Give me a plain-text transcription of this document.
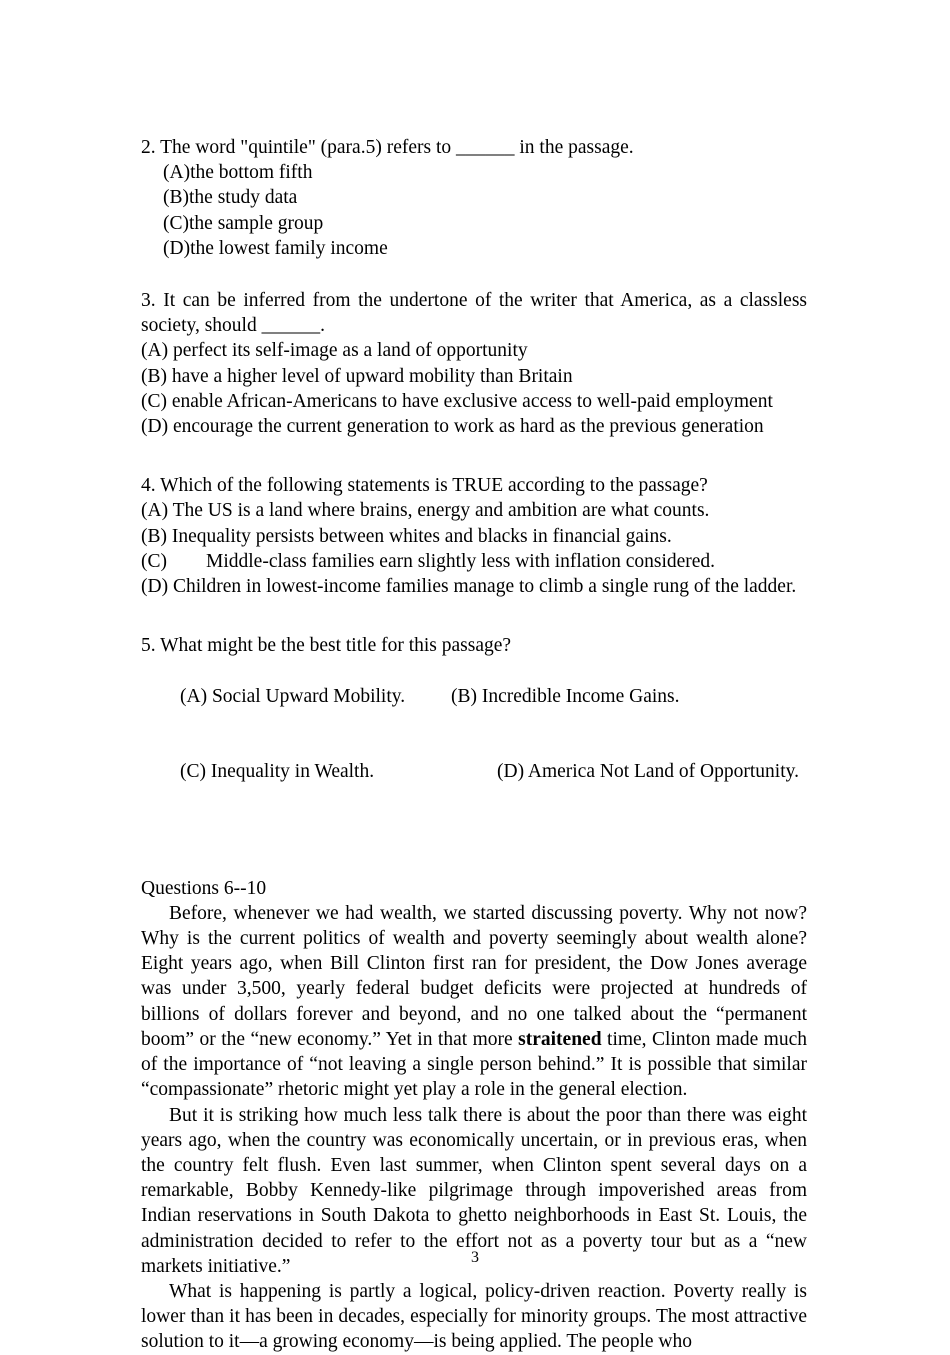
2. The word "quintile" (para.5) refers to ______ in the passage.
(A)the bottom fifth
(B)the study data
(C)the sample group
(D)the lowest family income
3. It can be inferred from the undertone of the writer that America, as a classless society, should ______.
(A) perfect its self-image as a land of opportunity
(B) have a higher level of upward mobility than Britain
(C) enable African-Americans to have exclusive access to well-paid employment
(D) encourage the current generation to work as hard as the previous generation
4. Which of the following statements is TRUE according to the passage?
(A) The US is a land where brains, energy and ambition are what counts.
(B) Inequality persists between whites and blacks in financial gains.
(C)        Middle-class families earn slightly less with inflation considered.
(D) Children in lowest-income families manage to climb a single rung of the ladder.
5. What might be the best title for this passage?

(A) Social Upward Mobility. (B) Incredible Income Gains.

(C) Inequality in Wealth.	(D) America Not Land of Opportunity.

Questions 6--10

Before, whenever we had wealth, we started discussing poverty. Why not now? Why is the current politics of wealth and poverty seemingly about wealth alone? Eight years ago, when Bill Clinton first ran for president, the Dow Jones average was under 3,500, yearly federal budget deficits were projected at hundreds of billions of dollars forever and beyond, and no one talked about the “permanent boom” or the “new economy.” Yet in that more straitened time, Clinton made much of the importance of “not leaving a single person behind.” It is possible that similar “compassionate” rhetoric might yet play a role in the general election.

But it is striking how much less talk there is about the poor than there was eight years ago, when the country was economically uncertain, or in previous eras, when the country felt flush. Even last summer, when Clinton spent several days on a remarkable, Bobby Kennedy-like pilgrimage through impoverished areas from Indian reservations in South Dakota to ghetto neighborhoods in East St. Louis, the administration decided to refer to the effort not as a poverty tour but as a “new markets initiative.”

What is happening is partly a logical, policy-driven reaction. Poverty really is lower than it has been in decades, especially for minority groups. The most attractive solution to it—a growing economy—is being applied. The people who

3
